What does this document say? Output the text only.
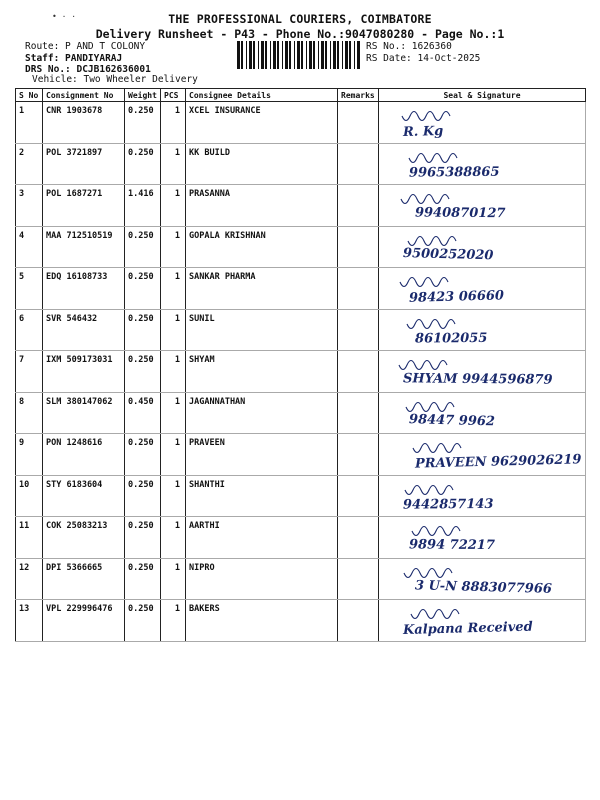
• · ·	THE PROFESSIONAL COURIERS, COIMBATORE
Delivery Runsheet - P43 - Phone No.:9047080280 - Page No.:1
Route: P AND T COLONY
Staff: PANDIYARAJ
DRS No.: DCJB162636001
Vehicle: Two Wheeler Delivery
RS No.: 1626360
RS Date: 14-Oct-2025
S No	Consignment No	Weight	PCS	Consignee Details	Remarks	Seal & Signature
1	CNR 1903678	0.250	1	XCEL INSURANCE		R. Kg

2	POL 3721897	0.250	1	KK BUILD		9965388865

3	POL 1687271	1.416	1	PRASANNA		9940870127

4	MAA 712510519	0.250	1	GOPALA KRISHNAN		9500252020

5	EDQ 16108733	0.250	1	SANKAR PHARMA		98423 06660

6	SVR 546432	0.250	1	SUNIL		86102055

7	IXM 509173031	0.250	1	SHYAM		SHYAM 9944596879

8	SLM 380147062	0.450	1	JAGANNATHAN		98447 9962

9	PON 1248616	0.250	1	PRAVEEN		PRAVEEN 9629026219

10	STY 6183604	0.250	1	SHANTHI		9442857143

11	COK 25083213	0.250	1	AARTHI		9894 72217

12	DPI 5366665	0.250	1	NIPRO		3 U-N 8883077966

13	VPL 229996476	0.250	1	BAKERS		Kalpana Received
